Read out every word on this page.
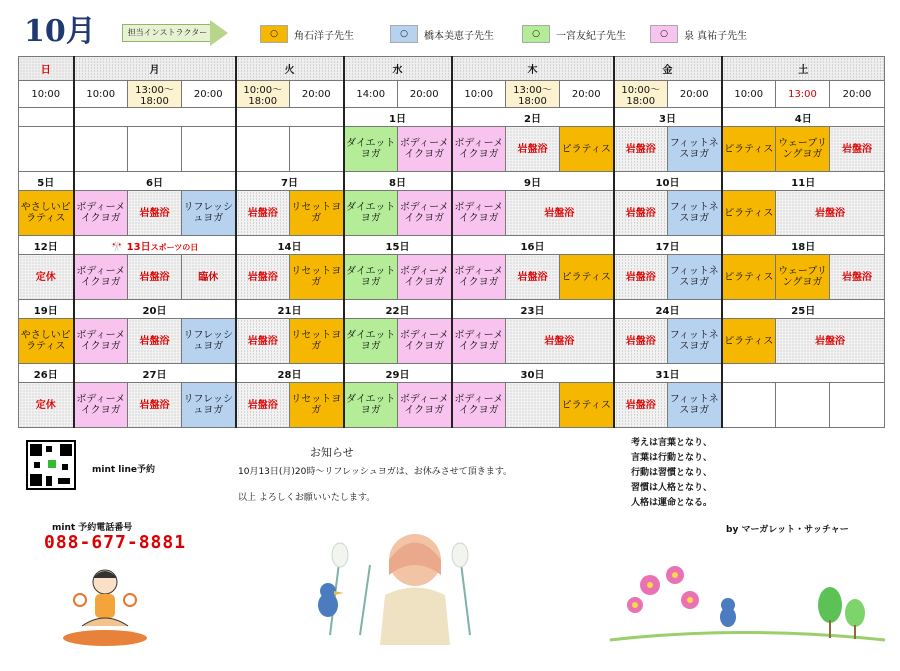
10月	担当インストラクター	○	角石洋子先生	○	橋本美恵子先生	○	一宮友紀子先生	○	泉 真祐子先生
日	月			火		水		木			金		土		
10:00	10:00	13:00～18:00	20:00	10:00～18:00	20:00	14:00	20:00	10:00	13:00～18:00	20:00	10:00～18:00	20:00	10:00	13:00	20:00
						1日		2日			3日		4日		
						ダイエットヨガ	ボディーメイクヨガ	ボディーメイクヨガ	岩盤浴	ピラティス	岩盤浴	フィットネスヨガ	ピラティス	ウェーブリングヨガ	岩盤浴
5日	6日			7日		8日		9日			10日		11日		
やさしいピラティス	ボディーメイクヨガ	岩盤浴	リフレッシュヨガ	岩盤浴	リセットヨガ	ダイエットヨガ	ボディーメイクヨガ	ボディーメイクヨガ	岩盤浴		岩盤浴	フィットネスヨガ	ピラティス	岩盤浴	
12日	🎌 13日スポーツの日			14日		15日		16日			17日		18日		
定休	ボディーメイクヨガ	岩盤浴	臨休	岩盤浴	リセットヨガ	ダイエットヨガ	ボディーメイクヨガ	ボディーメイクヨガ	岩盤浴	ピラティス	岩盤浴	フィットネスヨガ	ピラティス	ウェーブリングヨガ	岩盤浴
19日	20日			21日		22日		23日			24日		25日		
やさしいピラティス	ボディーメイクヨガ	岩盤浴	リフレッシュヨガ	岩盤浴	リセットヨガ	ダイエットヨガ	ボディーメイクヨガ	ボディーメイクヨガ	岩盤浴		岩盤浴	フィットネスヨガ	ピラティス	岩盤浴	
26日	27日			28日		29日		30日			31日				
定休	ボディーメイクヨガ	岩盤浴	リフレッシュヨガ	岩盤浴	リセットヨガ	ダイエットヨガ	ボディーメイクヨガ	ボディーメイクヨガ		ピラティス	岩盤浴	フィットネスヨガ			
mint line予約
お知らせ
10月13日(月)20時～リフレッシュヨガは、お休みさせて頂きます。
以上 よろしくお願いいたします。
考えは言葉となり、
言葉は行動となり、
行動は習慣となり、
習慣は人格となり、
人格は運命となる。
by マーガレット・サッチャー
mint 予約電話番号
088-677-8881
